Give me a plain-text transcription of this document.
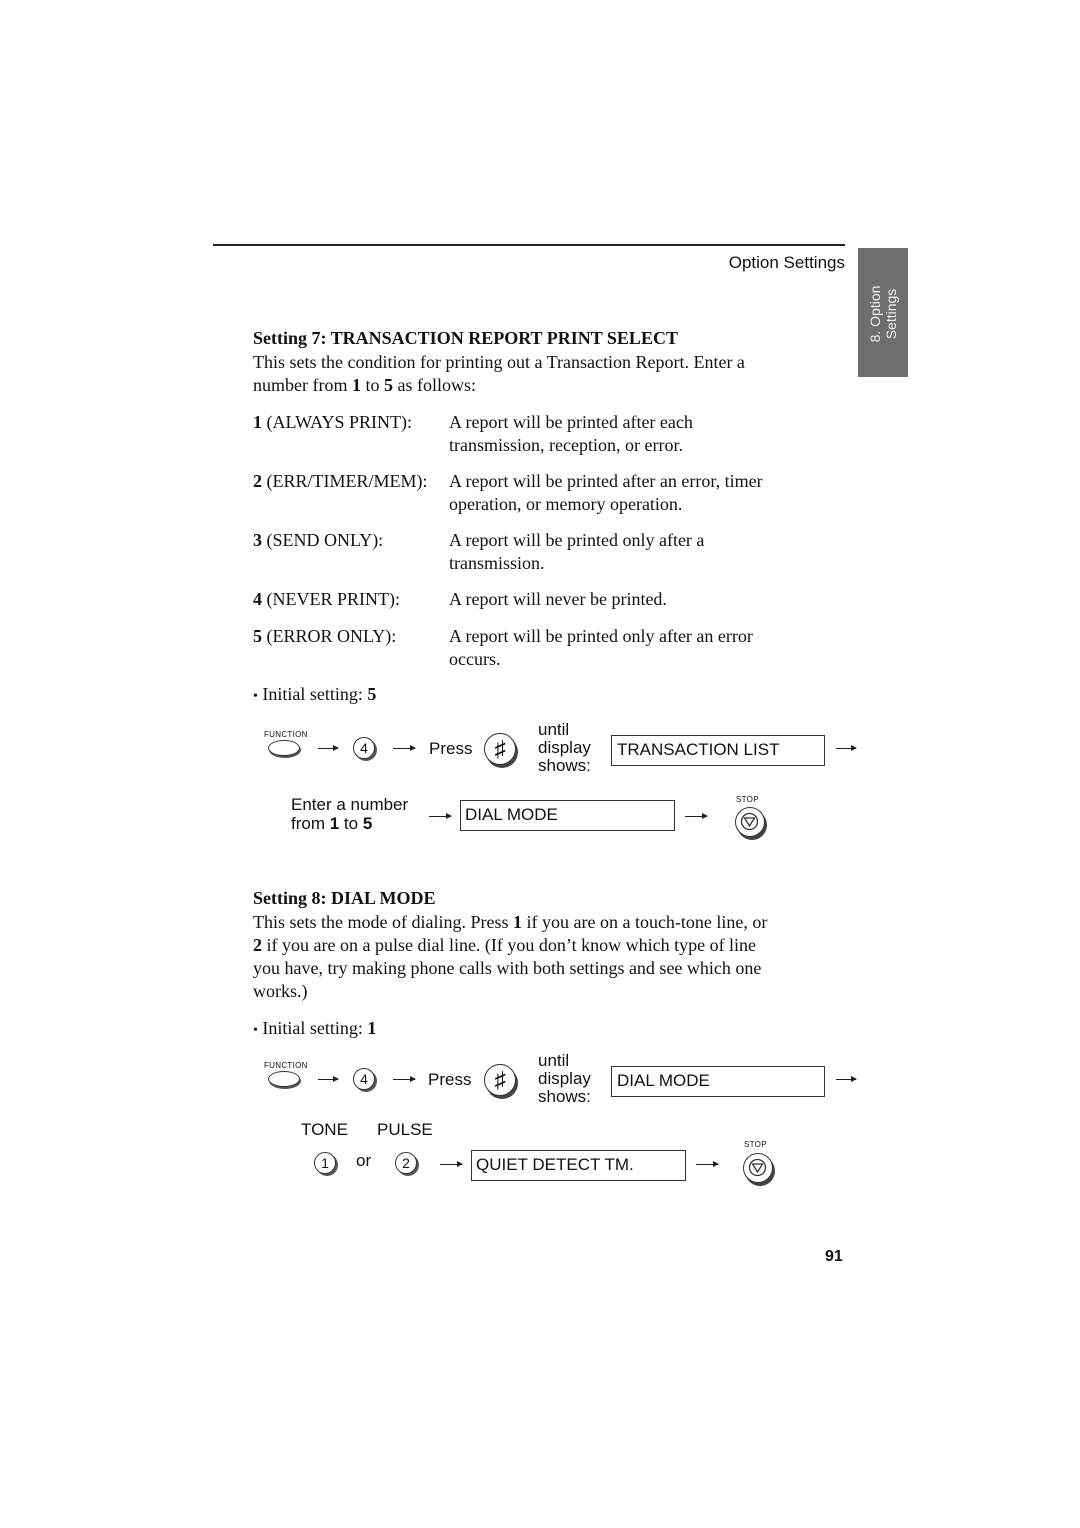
Option Settings
8. Option Settings
Setting 7: TRANSACTION REPORT PRINT SELECT
This sets the condition for printing out a Transaction Report. Enter a
number from 1 to 5 as follows:
1 (ALWAYS PRINT): A report will be printed after each
transmission, reception, or error.
2 (ERR/TIMER/MEM): A report will be printed after an error, timer
operation, or memory operation.
3 (SEND ONLY):	A report will be printed only after a
transmission.
4 (NEVER PRINT):	A report will never be printed.
5 (ERROR ONLY):	A report will be printed only after an error
occurs.
• Initial setting: 5
FUNCTION
4	Press	♯
until
display
shows:
TRANSACTION LIST
Enter a number
from 1 to 5	DIAL MODE
STOP
Setting 8: DIAL MODE
This sets the mode of dialing. Press 1 if you are on a touch-tone line, or
2 if you are on a pulse dial line. (If you don’t know which type of line
you have, try making phone calls with both settings and see which one
works.)
• Initial setting: 1
FUNCTION
4	Press	♯
until
display
shows:
DIAL MODE
TONE PULSE
1	or	2	QUIET DETECT TM.
STOP
91
